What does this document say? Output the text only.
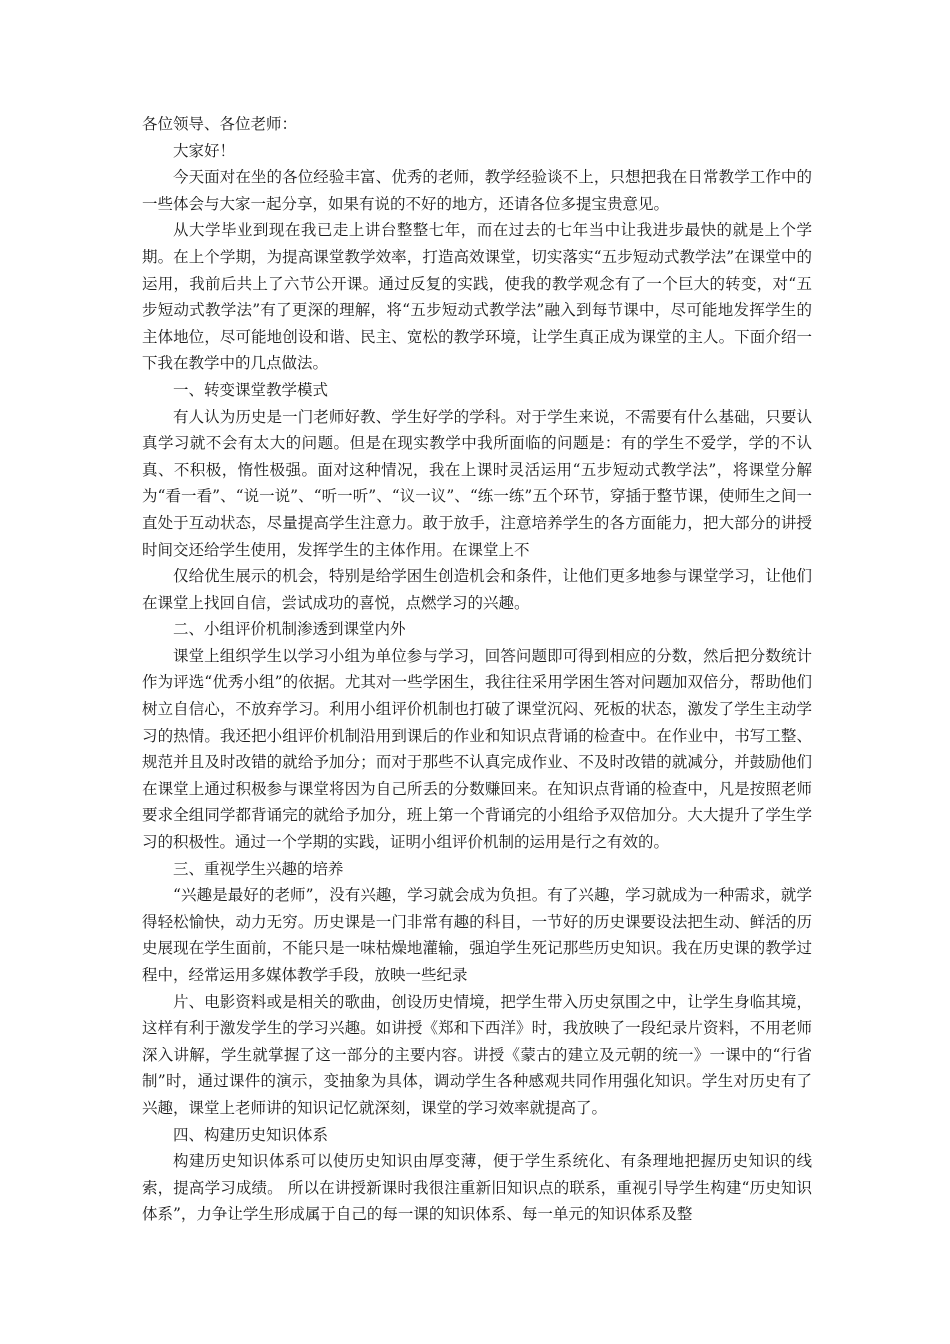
各位领导、各位老师：

大家好！

今天面对在坐的各位经验丰富、优秀的老师，教学经验谈不上，只想把我在日常教学工作中的一些体会与大家一起分享，如果有说的不好的地方，还请各位多提宝贵意见。

从大学毕业到现在我已走上讲台整整七年，而在过去的七年当中让我进步最快的就是上个学期。在上个学期，为提高课堂教学效率，打造高效课堂，切实落实“五步短动式教学法”在课堂中的运用，我前后共上了六节公开课。通过反复的实践，使我的教学观念有了一个巨大的转变，对“五步短动式教学法”有了更深的理解，将“五步短动式教学法”融入到每节课中，尽可能地发挥学生的主体地位，尽可能地创设和谐、民主、宽松的教学环境，让学生真正成为课堂的主人。下面介绍一下我在教学中的几点做法。

一、转变课堂教学模式

有人认为历史是一门老师好教、学生好学的学科。对于学生来说，不需要有什么基础，只要认真学习就不会有太大的问题。但是在现实教学中我所面临的问题是：有的学生不爱学，学的不认真、不积极，惰性极强。面对这种情况，我在上课时灵活运用“五步短动式教学法”，将课堂分解为“看一看”、“说一说”、“听一听”、“议一议”、“练一练”五个环节，穿插于整节课，使师生之间一直处于互动状态，尽量提高学生注意力。敢于放手，注意培养学生的各方面能力，把大部分的讲授时间交还给学生使用，发挥学生的主体作用。在课堂上不

仅给优生展示的机会，特别是给学困生创造机会和条件，让他们更多地参与课堂学习，让他们在课堂上找回自信，尝试成功的喜悦，点燃学习的兴趣。

二、小组评价机制渗透到课堂内外

课堂上组织学生以学习小组为单位参与学习，回答问题即可得到相应的分数，然后把分数统计作为评选“优秀小组”的依据。尤其对一些学困生，我往往采用学困生答对问题加双倍分，帮助他们树立自信心，不放弃学习。利用小组评价机制也打破了课堂沉闷、死板的状态，激发了学生主动学习的热情。我还把小组评价机制沿用到课后的作业和知识点背诵的检查中。在作业中，书写工整、规范并且及时改错的就给予加分；而对于那些不认真完成作业、不及时改错的就减分，并鼓励他们在课堂上通过积极参与课堂将因为自己所丢的分数赚回来。在知识点背诵的检查中，凡是按照老师要求全组同学都背诵完的就给予加分，班上第一个背诵完的小组给予双倍加分。大大提升了学生学习的积极性。通过一个学期的实践，证明小组评价机制的运用是行之有效的。

三、重视学生兴趣的培养

“兴趣是最好的老师”，没有兴趣，学习就会成为负担。有了兴趣，学习就成为一种需求，就学得轻松愉快，动力无穷。历史课是一门非常有趣的科目，一节好的历史课要设法把生动、鲜活的历史展现在学生面前，不能只是一味枯燥地灌输，强迫学生死记那些历史知识。我在历史课的教学过程中，经常运用多媒体教学手段，放映一些纪录

片、电影资料或是相关的歌曲，创设历史情境，把学生带入历史氛围之中，让学生身临其境，这样有利于激发学生的学习兴趣。如讲授《郑和下西洋》时，我放映了一段纪录片资料，不用老师深入讲解，学生就掌握了这一部分的主要内容。讲授《蒙古的建立及元朝的统一》一课中的“行省制”时，通过课件的演示，变抽象为具体，调动学生各种感观共同作用强化知识。学生对历史有了兴趣，课堂上老师讲的知识记忆就深刻，课堂的学习效率就提高了。

四、构建历史知识体系

构建历史知识体系可以使历史知识由厚变薄，便于学生系统化、有条理地把握历史知识的线索，提高学习成绩。 所以在讲授新课时我很注重新旧知识点的联系，重视引导学生构建“历史知识体系”，力争让学生形成属于自己的每一课的知识体系、每一单元的知识体系及整
